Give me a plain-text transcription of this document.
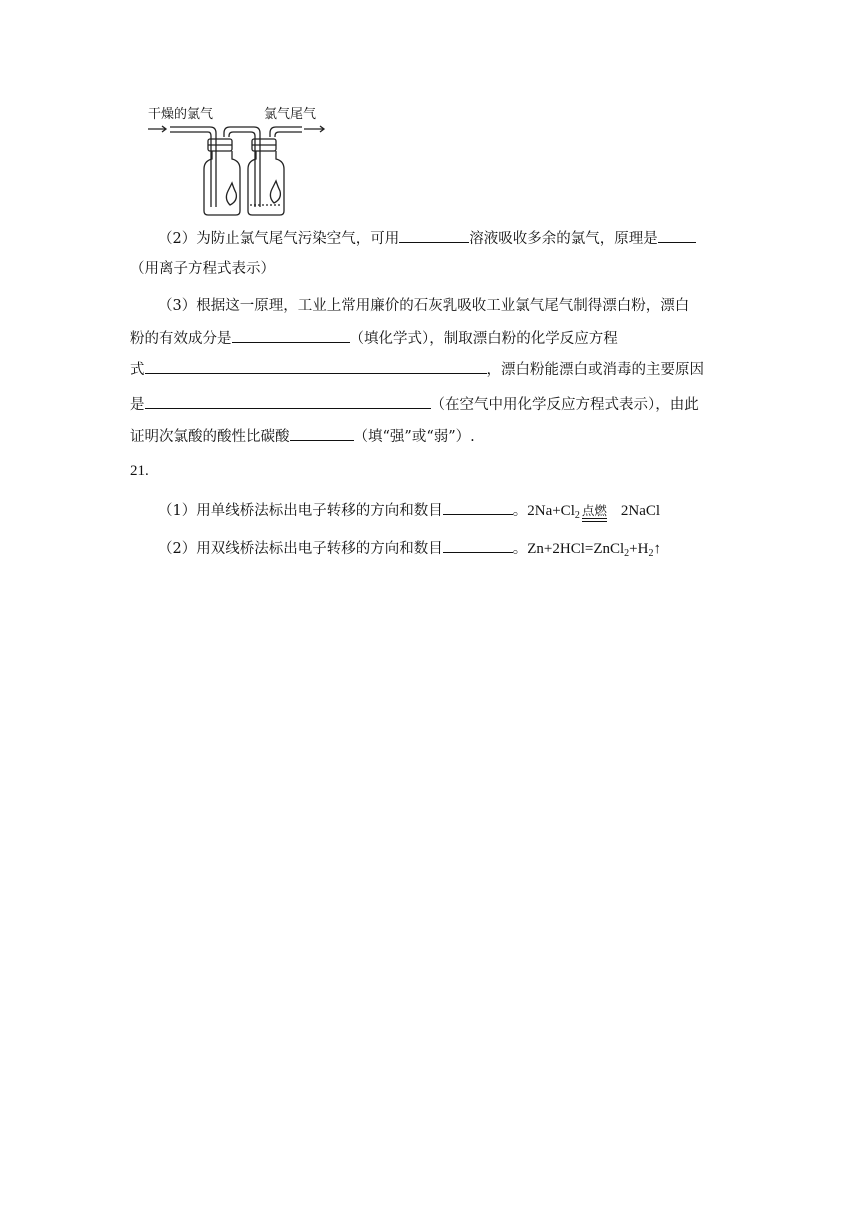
干燥的氯气	氯气尾气
（2）为防止氯气尾气污染空气，可用	溶液吸收多余的氯气，原理是
（用离子方程式表示）
（3）根据这一原理，工业上常用廉价的石灰乳吸收工业氯气尾气制得漂白粉，漂白
粉的有效成分是	（填化学式），制取漂白粉的化学反应方程
式	，漂白粉能漂白或消毒的主要原因
是	（在空气中用化学反应方程式表示），由此
证明次氯酸的酸性比碳酸	（填“强”或“弱”）.
21.
（1）用单线桥法标出电子转移的方向和数目	。$2Na+Cl_2$ 点燃 2NaCl
（2）用双线桥法标出电子转移的方向和数目	。$Zn+2HCl=ZnCl_2+H_2↑$
